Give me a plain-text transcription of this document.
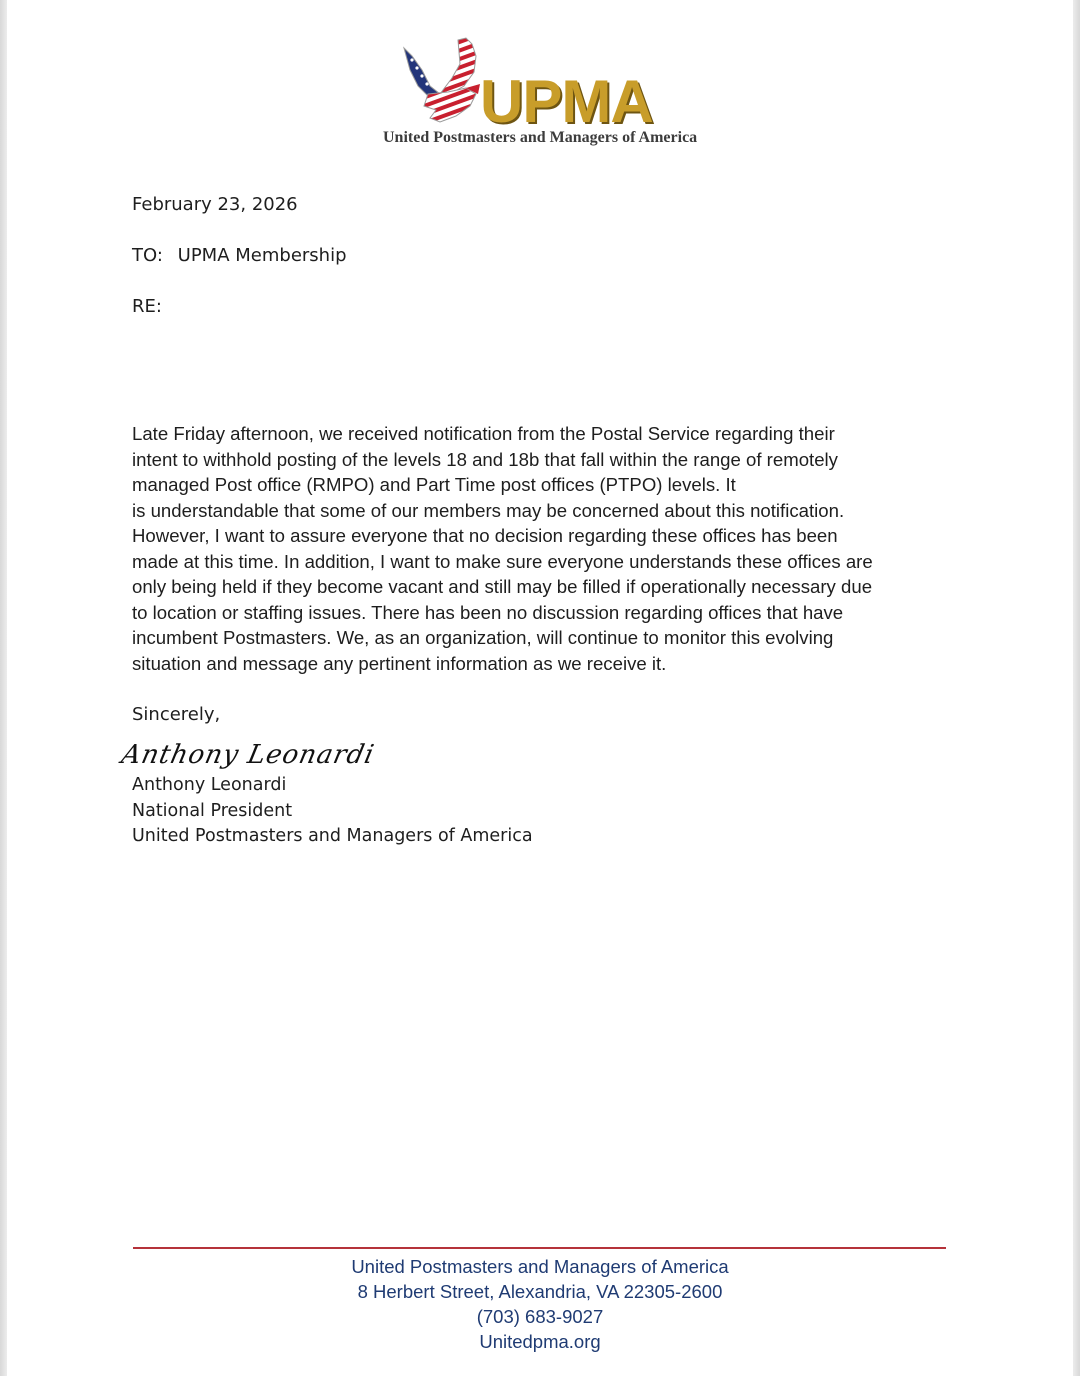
UPMA
United Postmasters and Managers of America
February 23, 2026
TO: UPMA Membership
RE:
Late Friday afternoon, we received notification from the Postal Service regarding their
intent to withhold posting of the levels 18 and 18b that fall within the range of remotely
managed Post office (RMPO) and Part Time post offices (PTPO) levels. It
is understandable that some of our members may be concerned about this notification.
However, I want to assure everyone that no decision regarding these offices has been
made at this time. In addition, I want to make sure everyone understands these offices are
only being held if they become vacant and still may be filled if operationally necessary due
to location or staffing issues. There has been no discussion regarding offices that have
incumbent Postmasters. We, as an organization, will continue to monitor this evolving
situation and message any pertinent information as we receive it.
Sincerely,
Anthony Leonardi
Anthony Leonardi
National President
United Postmasters and Managers of America
United Postmasters and Managers of America
8 Herbert Street, Alexandria, VA 22305-2600
(703) 683-9027
Unitedpma.org
